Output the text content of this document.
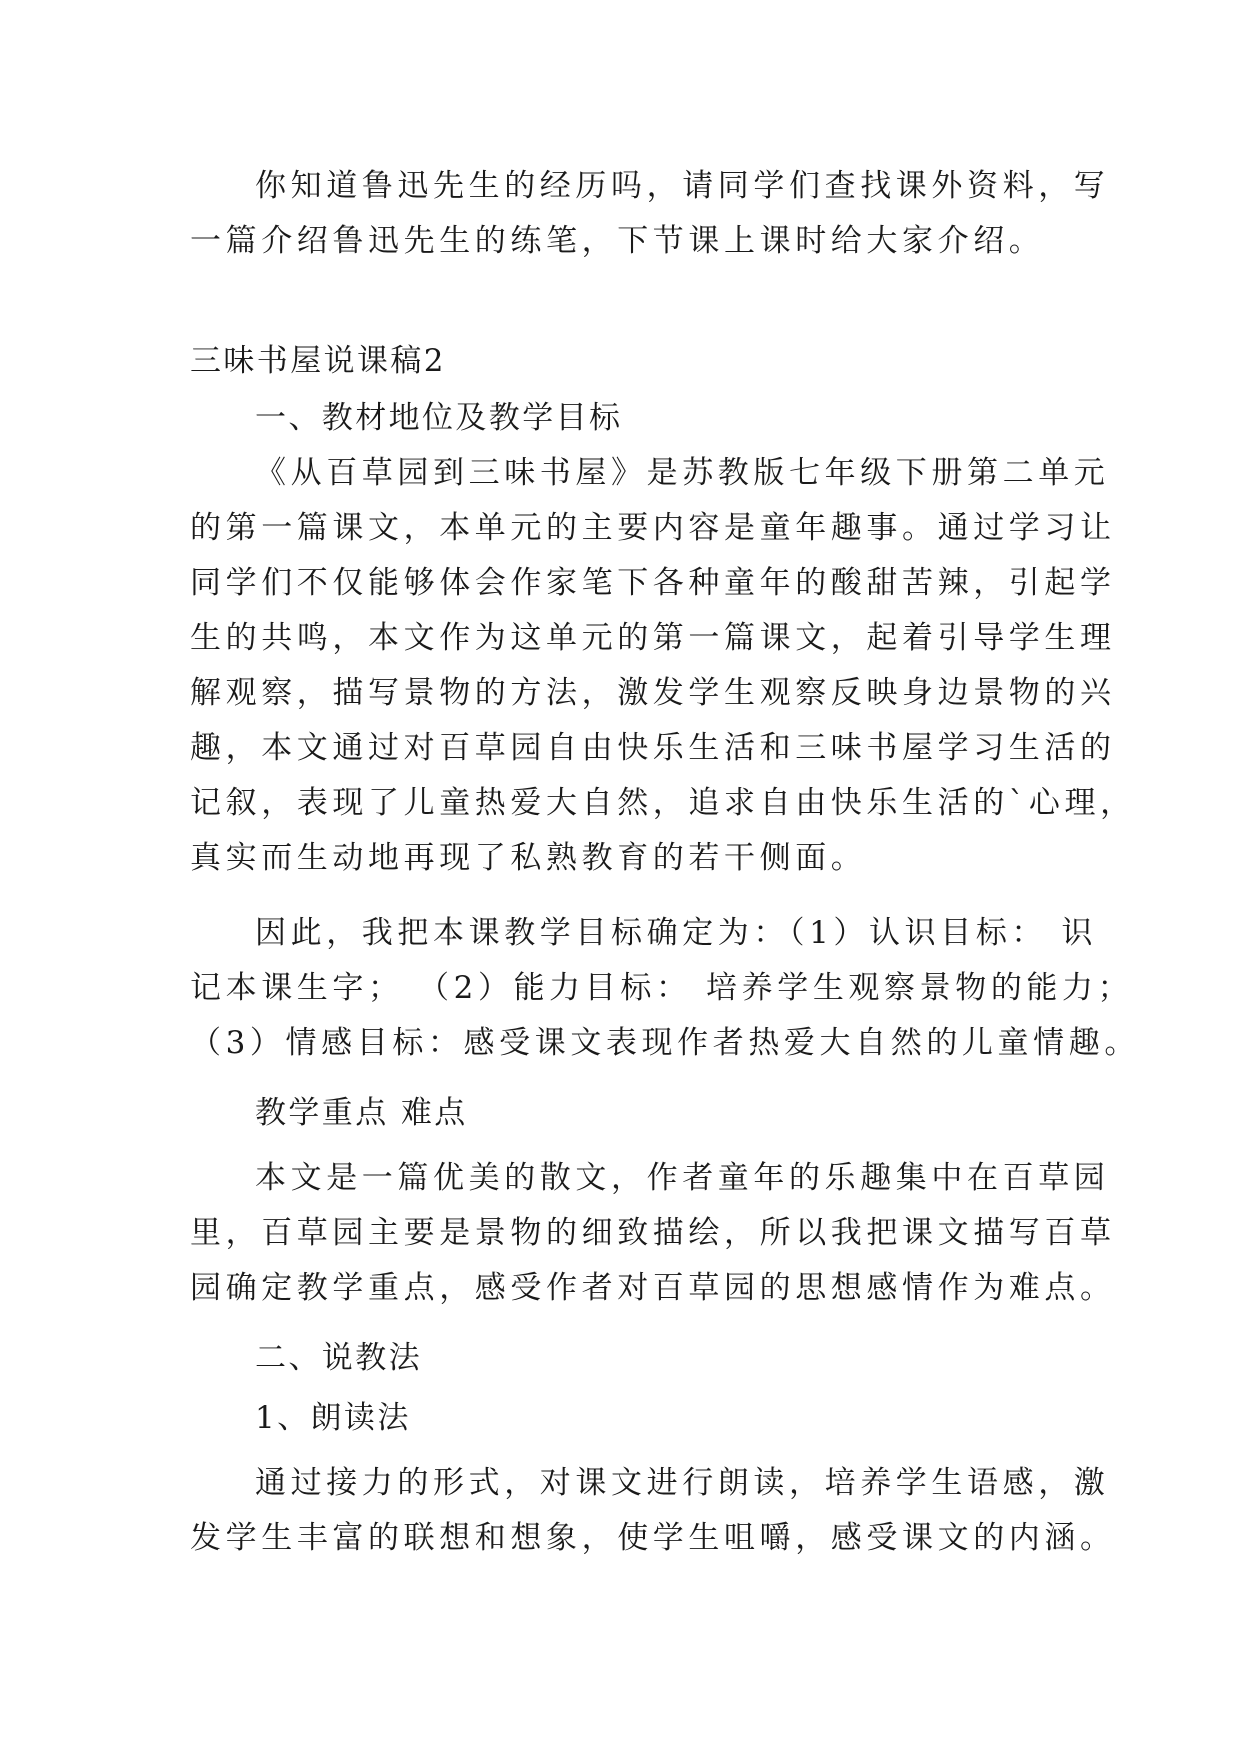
你知道鲁迅先生的经历吗，请同学们查找课外资料，写
一篇介绍鲁迅先生的练笔，下节课上课时给大家介绍。
三味书屋说课稿2
一、教材地位及教学目标
《从百草园到三味书屋》是苏教版七年级下册第二单元
的第一篇课文，本单元的主要内容是童年趣事。通过学习让
同学们不仅能够体会作家笔下各种童年的酸甜苦辣，引起学
生的共鸣，本文作为这单元的第一篇课文，起着引导学生理
解观察，描写景物的方法，激发学生观察反映身边景物的兴
趣，本文通过对百草园自由快乐生活和三味书屋学习生活的
记叙，表现了儿童热爱大自然，追求自由快乐生活的`心理，
真实而生动地再现了私熟教育的若干侧面。
因此，我把本课教学目标确定为：（1）认识目标： 识
记本课生字； （2）能力目标： 培养学生观察景物的能力；
（3）情感目标：感受课文表现作者热爱大自然的儿童情趣。
教学重点 难点
本文是一篇优美的散文，作者童年的乐趣集中在百草园
里，百草园主要是景物的细致描绘，所以我把课文描写百草
园确定教学重点，感受作者对百草园的思想感情作为难点。
二、说教法
1、朗读法
通过接力的形式，对课文进行朗读，培养学生语感，激
发学生丰富的联想和想象，使学生咀嚼，感受课文的内涵。
